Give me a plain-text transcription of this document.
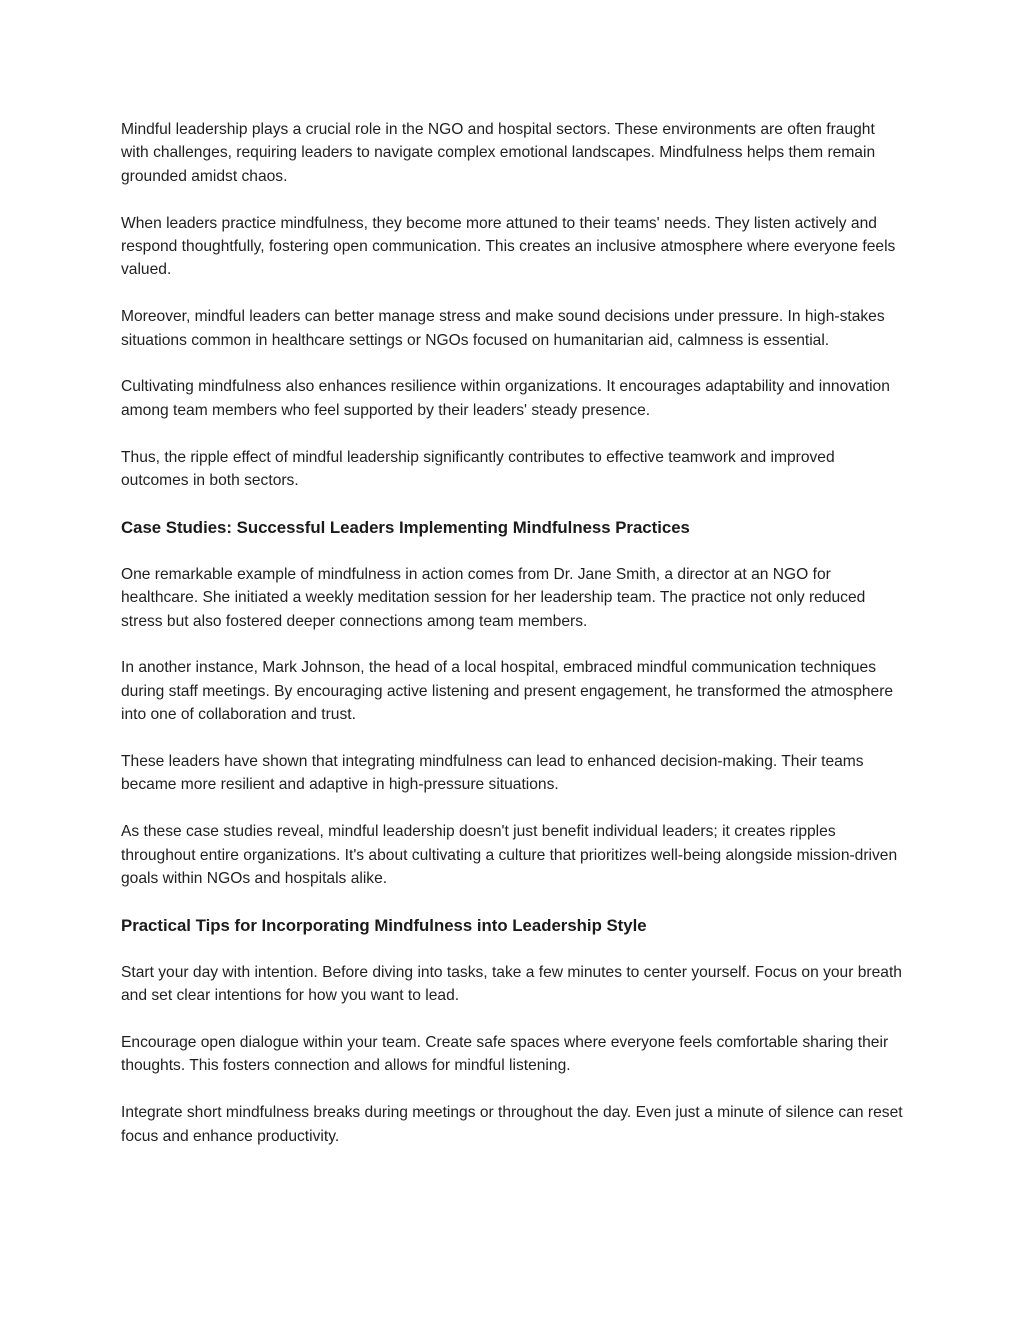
Mindful leadership plays a crucial role in the NGO and hospital sectors. These environments are often fraught with challenges, requiring leaders to navigate complex emotional landscapes. Mindfulness helps them remain grounded amidst chaos.

When leaders practice mindfulness, they become more attuned to their teams' needs. They listen actively and respond thoughtfully, fostering open communication. This creates an inclusive atmosphere where everyone feels valued.

Moreover, mindful leaders can better manage stress and make sound decisions under pressure. In high-stakes situations common in healthcare settings or NGOs focused on humanitarian aid, calmness is essential.

Cultivating mindfulness also enhances resilience within organizations. It encourages adaptability and innovation among team members who feel supported by their leaders' steady presence.

Thus, the ripple effect of mindful leadership significantly contributes to effective teamwork and improved outcomes in both sectors.

Case Studies: Successful Leaders Implementing Mindfulness Practices

One remarkable example of mindfulness in action comes from Dr. Jane Smith, a director at an NGO for healthcare. She initiated a weekly meditation session for her leadership team. The practice not only reduced stress but also fostered deeper connections among team members.

In another instance, Mark Johnson, the head of a local hospital, embraced mindful communication techniques during staff meetings. By encouraging active listening and present engagement, he transformed the atmosphere into one of collaboration and trust.

These leaders have shown that integrating mindfulness can lead to enhanced decision-making. Their teams became more resilient and adaptive in high-pressure situations.

As these case studies reveal, mindful leadership doesn't just benefit individual leaders; it creates ripples throughout entire organizations. It's about cultivating a culture that prioritizes well-being alongside mission-driven goals within NGOs and hospitals alike.

Practical Tips for Incorporating Mindfulness into Leadership Style

Start your day with intention. Before diving into tasks, take a few minutes to center yourself. Focus on your breath and set clear intentions for how you want to lead.

Encourage open dialogue within your team. Create safe spaces where everyone feels comfortable sharing their thoughts. This fosters connection and allows for mindful listening.

Integrate short mindfulness breaks during meetings or throughout the day. Even just a minute of silence can reset focus and enhance productivity.
